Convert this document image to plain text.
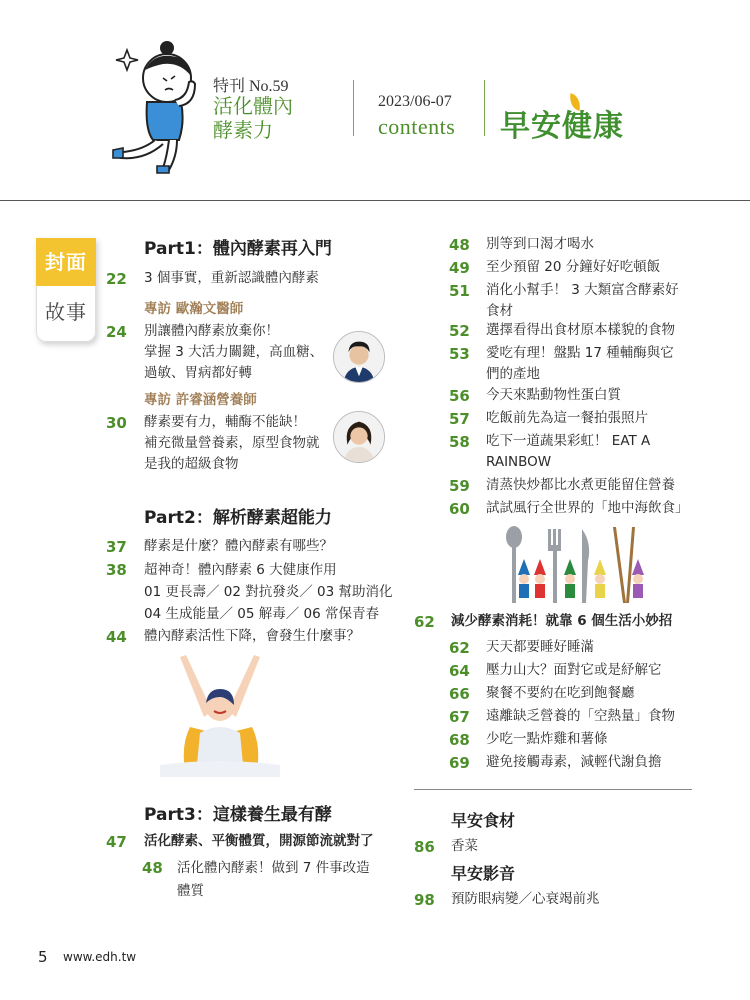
特刊 No.59
活化體內
酵素力
2023/06-07
contents 早安健康
封面
故事
Part1：體內酵素再入門
22 3 個事實，重新認識體內酵素
專訪 歐瀚文醫師
24 別讓體內酵素放棄你！
掌握 3 大活力關鍵，高血糖、
過敏、胃病都好轉
專訪 許睿涵營養師
30 酵素要有力，輔酶不能缺！
補充微量營養素，原型食物就
是我的超級食物
Part2：解析酵素超能力
37 酵素是什麼？體內酵素有哪些？
38 超神奇！體內酵素 6 大健康作用
01 更長壽／ 02 對抗發炎／ 03 幫助消化
04 生成能量／ 05 解毒／ 06 常保青春
44 體內酵素活性下降，會發生什麼事？
Part3：這樣養生最有酵
47 活化酵素、平衡體質，開源節流就對了
48 活化體內酵素！做到 7 件事改造
體質
48 別等到口渴才喝水
49 至少預留 20 分鐘好好吃頓飯
51 消化小幫手！ 3 大類富含酵素好
食材
52 選擇看得出食材原本樣貌的食物
53 愛吃有理！盤點 17 種輔酶與它
們的產地
56 今天來點動物性蛋白質
57 吃飯前先為這一餐拍張照片
58 吃下一道蔬果彩虹！ EAT A
RAINBOW
59 清蒸快炒都比水煮更能留住營養
60 試試風行全世界的「地中海飲食」
62 減少酵素消耗！就靠 6 個生活小妙招
62 天天都要睡好睡滿
64 壓力山大？面對它或是紓解它
66 聚餐不要約在吃到飽餐廳
67 遠離缺乏營養的「空熱量」食物
68 少吃一點炸雞和薯條
69 避免接觸毒素，減輕代謝負擔
早安食材
86 香菜
早安影音
98 預防眼病變／心衰竭前兆
5 www.edh.tw
